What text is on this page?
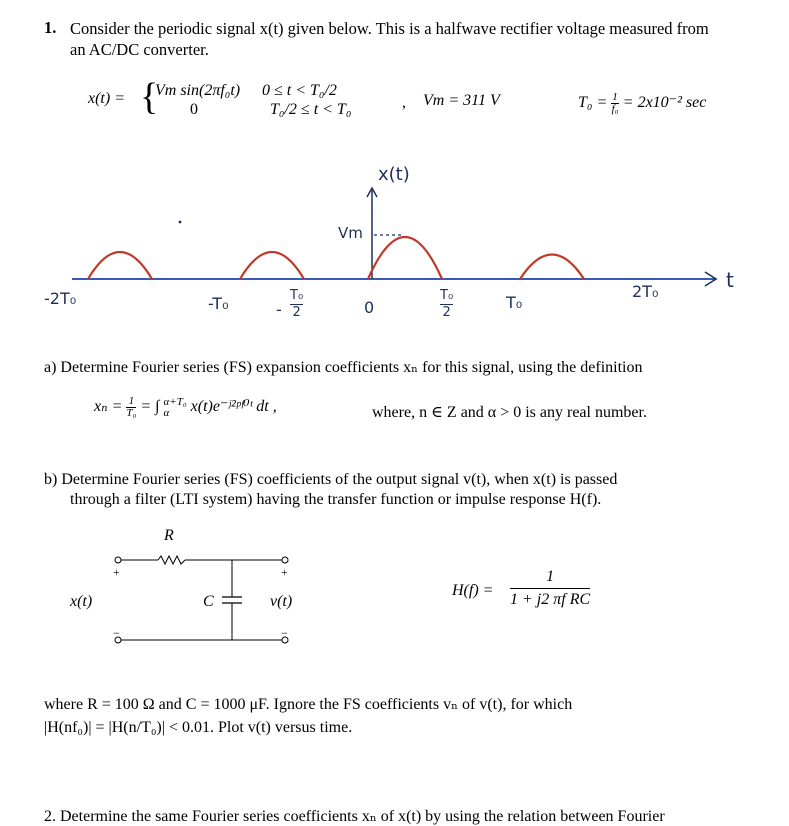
1. Consider the periodic signal x(t) given below. This is a halfwave rectifier voltage measured from
an AC/DC converter.
x(t) = {
Vm sin(2πf₀t)
0
0 ≤ t < T₀/2
T₀/2 ≤ t < T₀	, Vm = 311 V	$T_0 = \frac{1}{\text{f₀}} = 2x10^{-2}$ sec
x(t)
Vm
t
-2T₀	-T₀	- $\frac{\text{T₀}}{2}$	0	$\frac{\text{T₀}}{2}$	T₀
2T₀
a) Determine Fourier series (FS) expansion coefficients xₙ for this signal, using the definition
$x_n = \frac{1}{\text{T₀}}$ = ∫ α+T₀
α	x(t)e⁻ʲ²ᵖᶠ⁰ᵗ dt ,	where, n ∈ Z and α > 0 is any real number.
b) Determine Fourier series (FS) coefficients of the output signal v(t), when x(t) is passed
through a filter (LTI system) having the transfer function or impulse response H(f).
R
+	+
−	−
x(t)	C	v(t)
$H(f) = \frac{1}{\text{1 + j2 πf RC}}$
where R = 100 Ω and C = 1000 μF. Ignore the FS coefficients vₙ of v(t), for which
|H(nf₀)| = |H(n/T₀)| < 0.01. Plot v(t) versus time.
2. Determine the same Fourier series coefficients xₙ of x(t) by using the relation between Fourier
